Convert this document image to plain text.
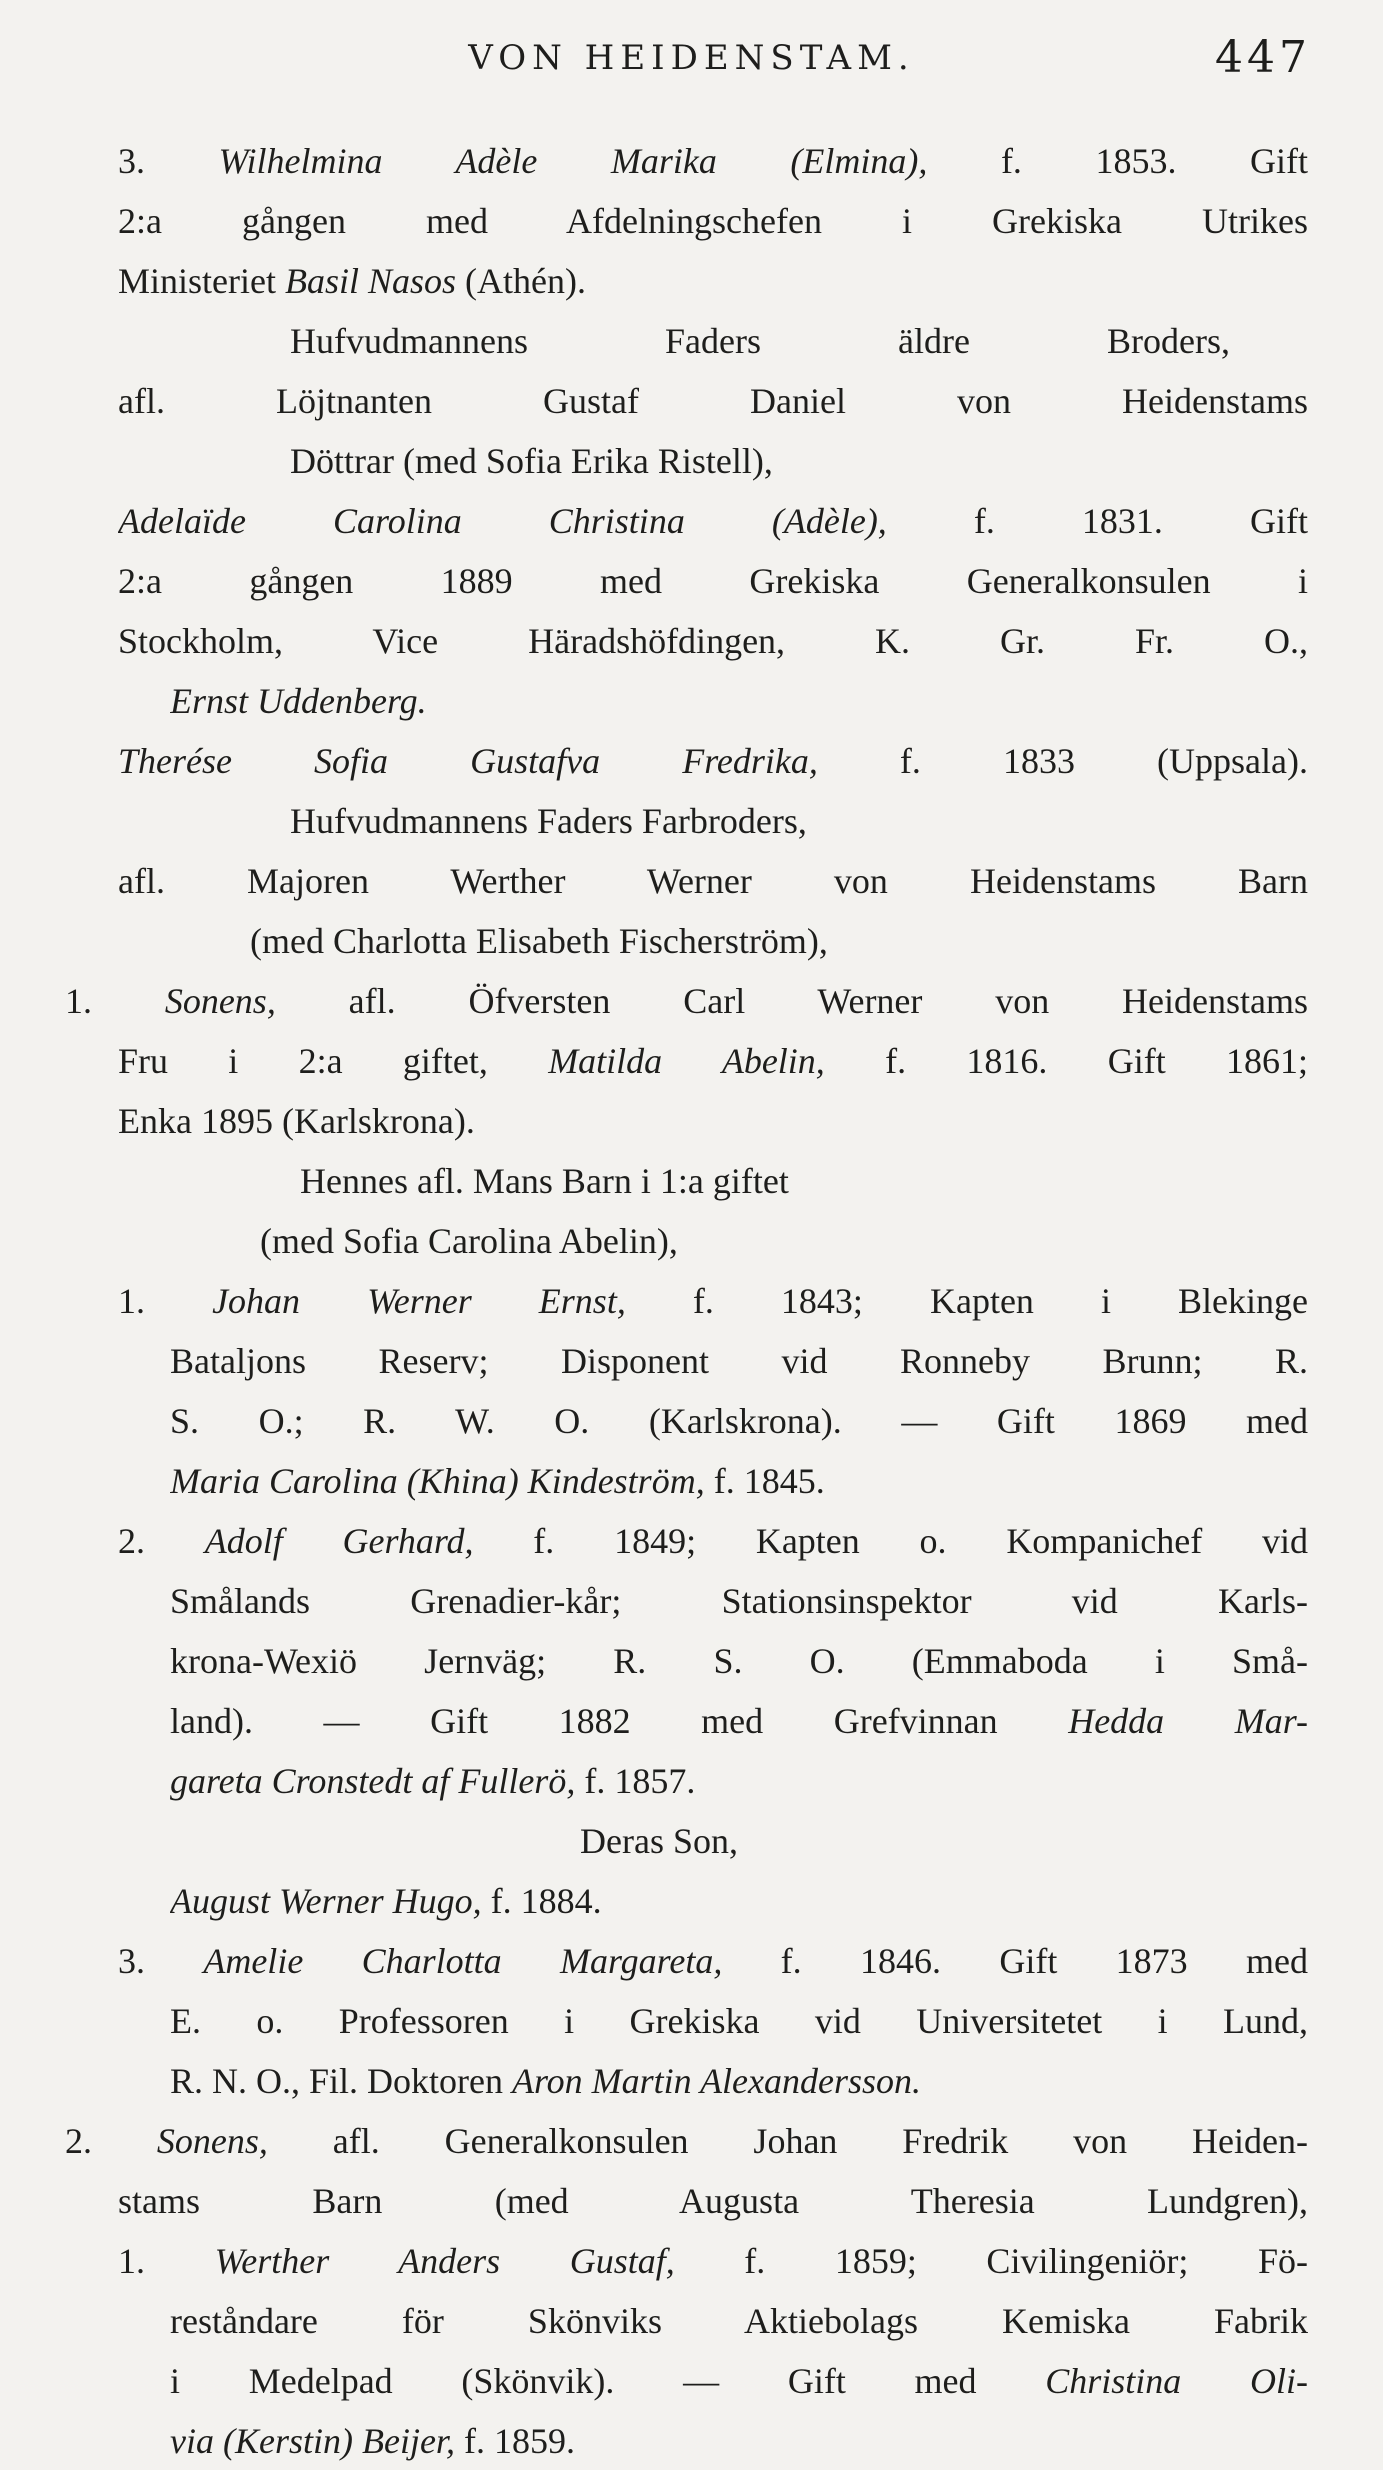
VON HEIDENSTAM.	447
3. Wilhelmina Adèle Marika (Elmina), f. 1853. Gift
2:a gången med Afdelningschefen i Grekiska Utrikes
Ministeriet Basil Nasos (Athén).
Hufvudmannens Faders äldre Broders,
afl. Löjtnanten Gustaf Daniel von Heidenstams
Döttrar (med Sofia Erika Ristell),
Adelaïde Carolina Christina (Adèle), f. 1831. Gift
2:a gången 1889 med Grekiska Generalkonsulen i
Stockholm, Vice Häradshöfdingen, K. Gr. Fr. O.,
Ernst Uddenberg.
Therése Sofia Gustafva Fredrika, f. 1833 (Uppsala).
Hufvudmannens Faders Farbroders,
afl. Majoren Werther Werner von Heidenstams Barn
(med Charlotta Elisabeth Fischerström),
1. Sonens, afl. Öfversten Carl Werner von Heidenstams
Fru i 2:a giftet, Matilda Abelin, f. 1816. Gift 1861;
Enka 1895 (Karlskrona).
Hennes afl. Mans Barn i 1:a giftet
(med Sofia Carolina Abelin),
1. Johan Werner Ernst, f. 1843; Kapten i Blekinge
Bataljons Reserv; Disponent vid Ronneby Brunn; R.
S. O.; R. W. O. (Karlskrona). — Gift 1869 med
Maria Carolina (Khina) Kindeström, f. 1845.
2. Adolf Gerhard, f. 1849; Kapten o. Kompanichef vid
Smålands Grenadier-kår; Stationsinspektor vid Karls-
krona-Wexiö Jernväg; R. S. O. (Emmaboda i Små-
land). — Gift 1882 med Grefvinnan Hedda Mar-
gareta Cronstedt af Fullerö, f. 1857.
Deras Son,
August Werner Hugo, f. 1884.
3. Amelie Charlotta Margareta, f. 1846. Gift 1873 med
E. o. Professoren i Grekiska vid Universitetet i Lund,
R. N. O., Fil. Doktoren Aron Martin Alexandersson.
2. Sonens, afl. Generalkonsulen Johan Fredrik von Heiden-
stams Barn (med Augusta Theresia Lundgren),
1. Werther Anders Gustaf, f. 1859; Civilingeniör; Fö-
reståndare för Skönviks Aktiebolags Kemiska Fabrik
i Medelpad (Skönvik). — Gift med Christina Oli-
via (Kerstin) Beijer, f. 1859.
